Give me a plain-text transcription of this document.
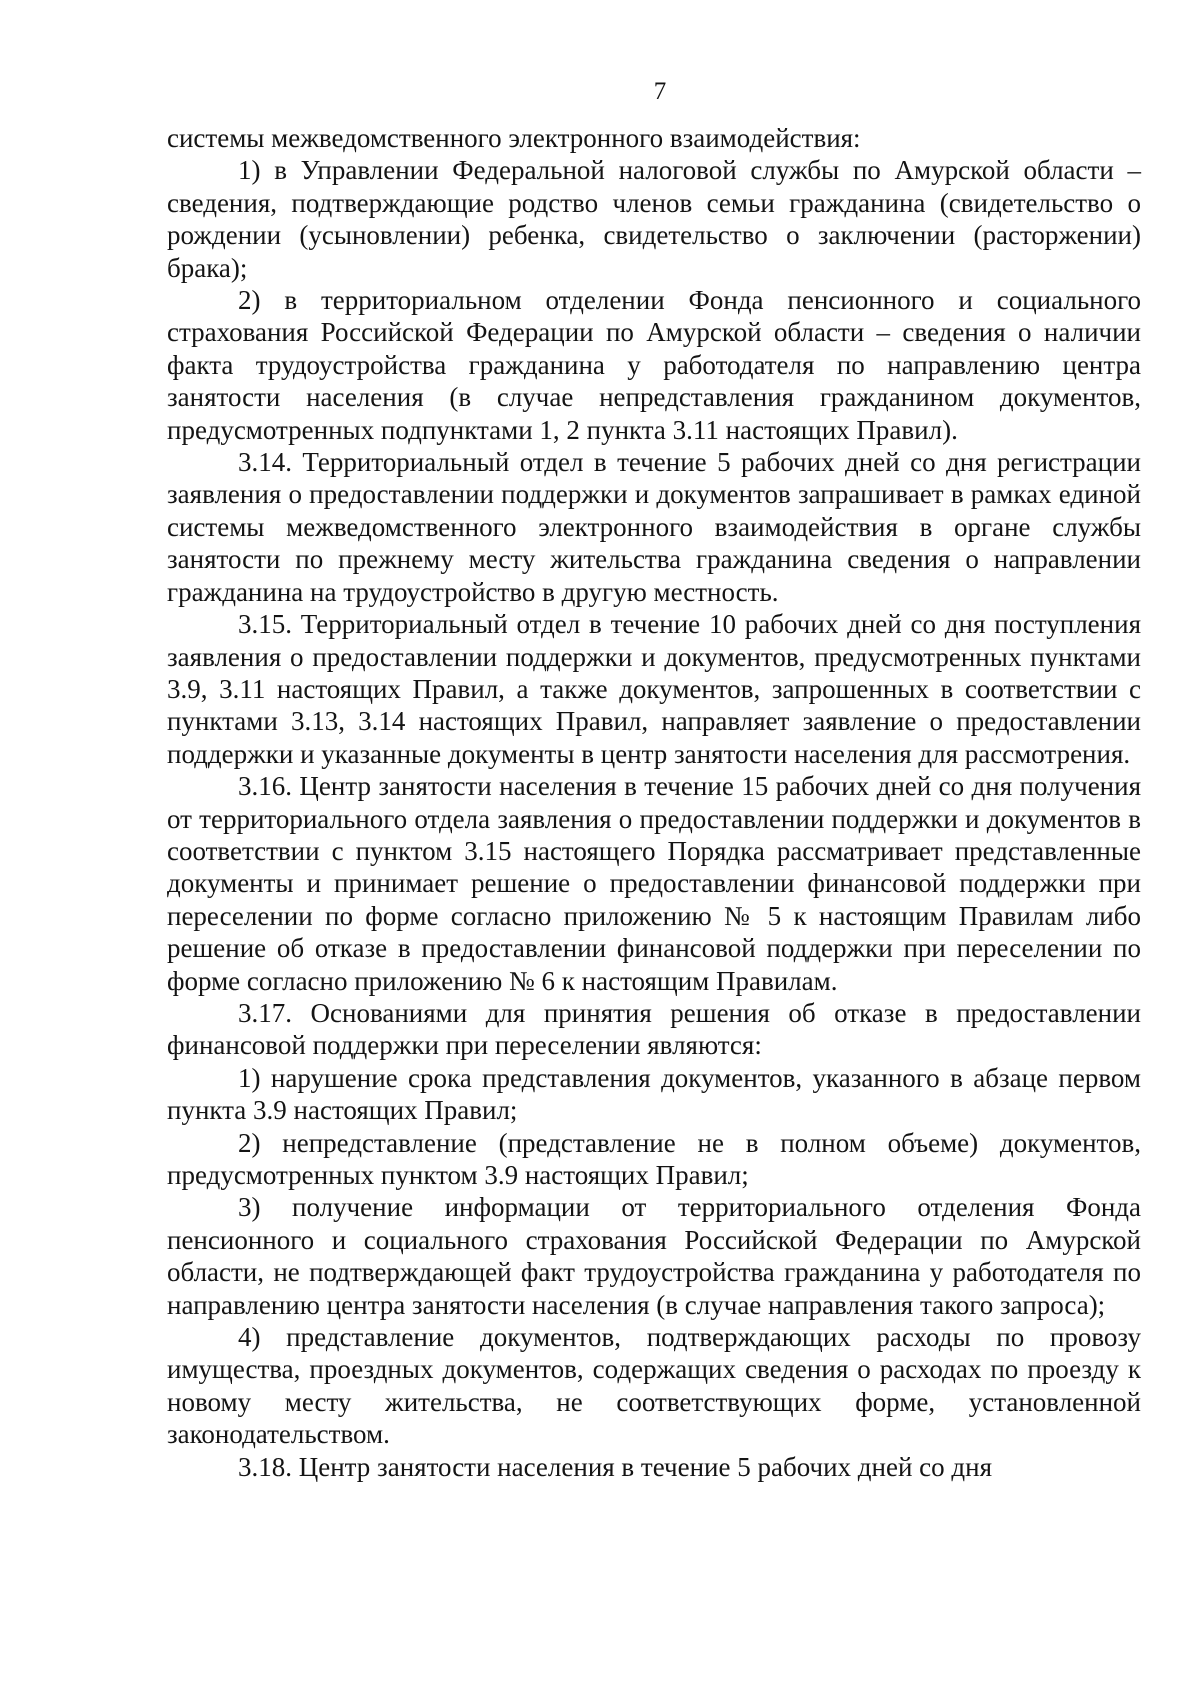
7

системы межведомственного электронного взаимодействия:

1) в Управлении Федеральной налоговой службы по Амурской области – сведения, подтверждающие родство членов семьи гражданина (свидетельство о рождении (усыновлении) ребенка, свидетельство о заключении (расторжении) брака);

2) в территориальном отделении Фонда пенсионного и социального страхования Российской Федерации по Амурской области – сведения о наличии факта трудоустройства гражданина у работодателя по направлению центра занятости населения (в случае непредставления гражданином документов, предусмотренных подпунктами 1, 2 пункта 3.11 настоящих Правил).

3.14. Территориальный отдел в течение 5 рабочих дней со дня регистрации заявления о предоставлении поддержки и документов запрашивает в рамках единой системы межведомственного электронного взаимодействия в органе службы занятости по прежнему месту жительства гражданина сведения о направлении гражданина на трудоустройство в другую местность.

3.15. Территориальный отдел в течение 10 рабочих дней со дня поступления заявления о предоставлении поддержки и документов, предусмотренных пунктами 3.9, 3.11 настоящих Правил, а также документов, запрошенных в соответствии с пунктами 3.13, 3.14 настоящих Правил, направляет заявление о предоставлении поддержки и указанные документы в центр занятости населения для рассмотрения.

3.16. Центр занятости населения в течение 15 рабочих дней со дня получения от территориального отдела заявления о предоставлении поддержки и документов в соответствии с пунктом 3.15 настоящего Порядка рассматривает представленные документы и принимает решение о предоставлении финансовой поддержки при переселении по форме согласно приложению № 5 к настоящим Правилам либо решение об отказе в предоставлении финансовой поддержки при переселении по форме согласно приложению № 6 к настоящим Правилам.

3.17. Основаниями для принятия решения об отказе в предоставлении финансовой поддержки при переселении являются:

1) нарушение срока представления документов, указанного в абзаце первом пункта 3.9 настоящих Правил;

2) непредставление (представление не в полном объеме) документов, предусмотренных пунктом 3.9 настоящих Правил;

3) получение информации от территориального отделения Фонда пенсионного и социального страхования Российской Федерации по Амурской области, не подтверждающей факт трудоустройства гражданина у работодателя по направлению центра занятости населения (в случае направления такого запроса);

4) представление документов, подтверждающих расходы по провозу имущества, проездных документов, содержащих сведения о расходах по проезду к новому месту жительства, не соответствующих форме, установленной законодательством.

3.18. Центр занятости населения в течение 5 рабочих дней со дня
